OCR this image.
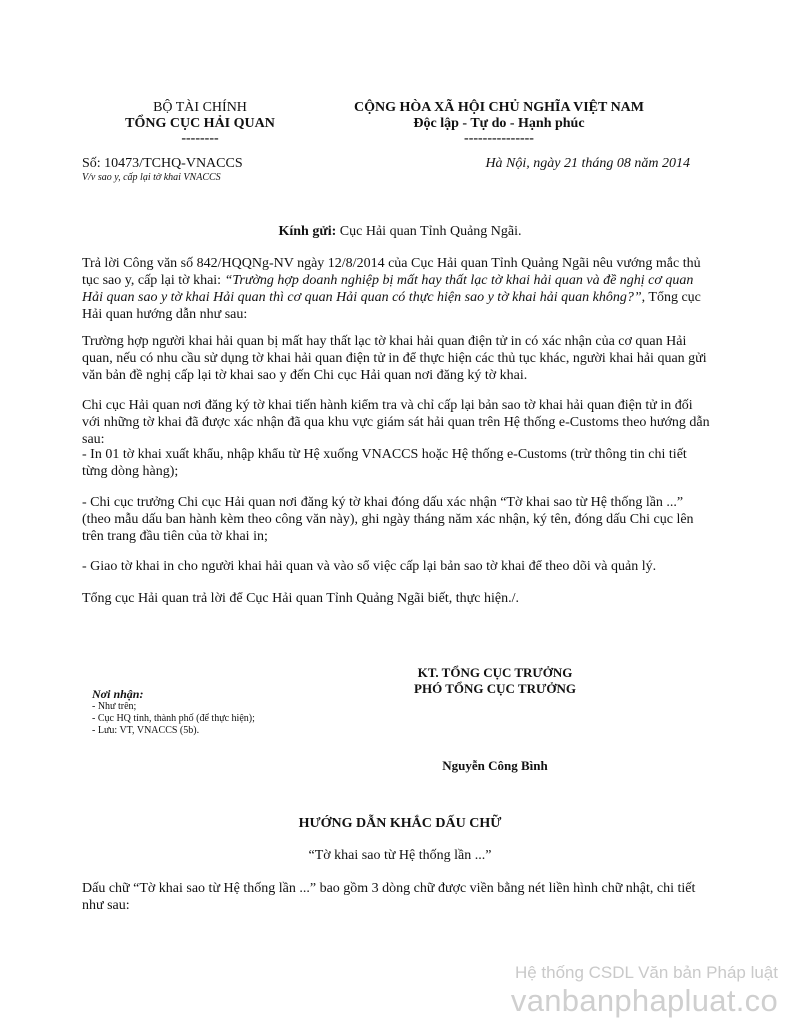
BỘ TÀI CHÍNH
TỔNG CỤC HẢI QUAN
--------
CỘNG HÒA XÃ HỘI CHỦ NGHĨA VIỆT NAM
Độc lập - Tự do - Hạnh phúc
---------------
Số: 10473/TCHQ-VNACCS
V/v sao y, cấp lại tờ khai VNACCS
Hà Nội, ngày 21 tháng 08 năm 2014
Kính gửi: Cục Hải quan Tỉnh Quảng Ngãi.

Trả lời Công văn số 842/HQQNg-NV ngày 12/8/2014 của Cục Hải quan Tỉnh Quảng Ngãi nêu vướng mắc thủ tục sao y, cấp lại tờ khai: “Trường hợp doanh nghiệp bị mất hay thất lạc tờ khai hải quan và đề nghị cơ quan Hải quan sao y tờ khai Hải quan thì cơ quan Hải quan có thực hiện sao y tờ khai hải quan không?”, Tổng cục Hải quan hướng dẫn như sau:

Trường hợp người khai hải quan bị mất hay thất lạc tờ khai hải quan điện tử in có xác nhận của cơ quan Hải quan, nếu có nhu cầu sử dụng tờ khai hải quan điện tử in để thực hiện các thủ tục khác, người khai hải quan gửi văn bản đề nghị cấp lại tờ khai sao y đến Chi cục Hải quan nơi đăng ký tờ khai.

Chi cục Hải quan nơi đăng ký tờ khai tiến hành kiểm tra và chỉ cấp lại bản sao tờ khai hải quan điện tử in đối với những tờ khai đã được xác nhận đã qua khu vực giám sát hải quan trên Hệ thống e-Customs theo hướng dẫn sau:

- In 01 tờ khai xuất khẩu, nhập khẩu từ Hệ xuống VNACCS hoặc Hệ thống e-Customs (trừ thông tin chi tiết từng dòng hàng);

- Chi cục trưởng Chi cục Hải quan nơi đăng ký tờ khai đóng dấu xác nhận “Tờ khai sao từ Hệ thống lần ...” (theo mẫu dấu ban hành kèm theo công văn này), ghi ngày tháng năm xác nhận, ký tên, đóng dấu Chi cục lên trên trang đầu tiên của tờ khai in;

- Giao tờ khai in cho người khai hải quan và vào sổ việc cấp lại bản sao tờ khai để theo dõi và quản lý.

Tổng cục Hải quan trả lời để Cục Hải quan Tỉnh Quảng Ngãi biết, thực hiện./.

KT. TỔNG CỤC TRƯỞNG
PHÓ TỔNG CỤC TRƯỞNG
Nguyễn Công Bình
Nơi nhận:
- Như trên;
- Cục HQ tỉnh, thành phố (để thực hiện);
- Lưu: VT, VNACCS (5b).
HƯỚNG DẪN KHẮC DẤU CHỮ
“Tờ khai sao từ Hệ thống lần ...”

Dấu chữ “Tờ khai sao từ Hệ thống lần ...” bao gồm 3 dòng chữ được viền bằng nét liền hình chữ nhật, chi tiết như sau:

Hệ thống CSDL Văn bản Pháp luật
vanbanphapluat.co
